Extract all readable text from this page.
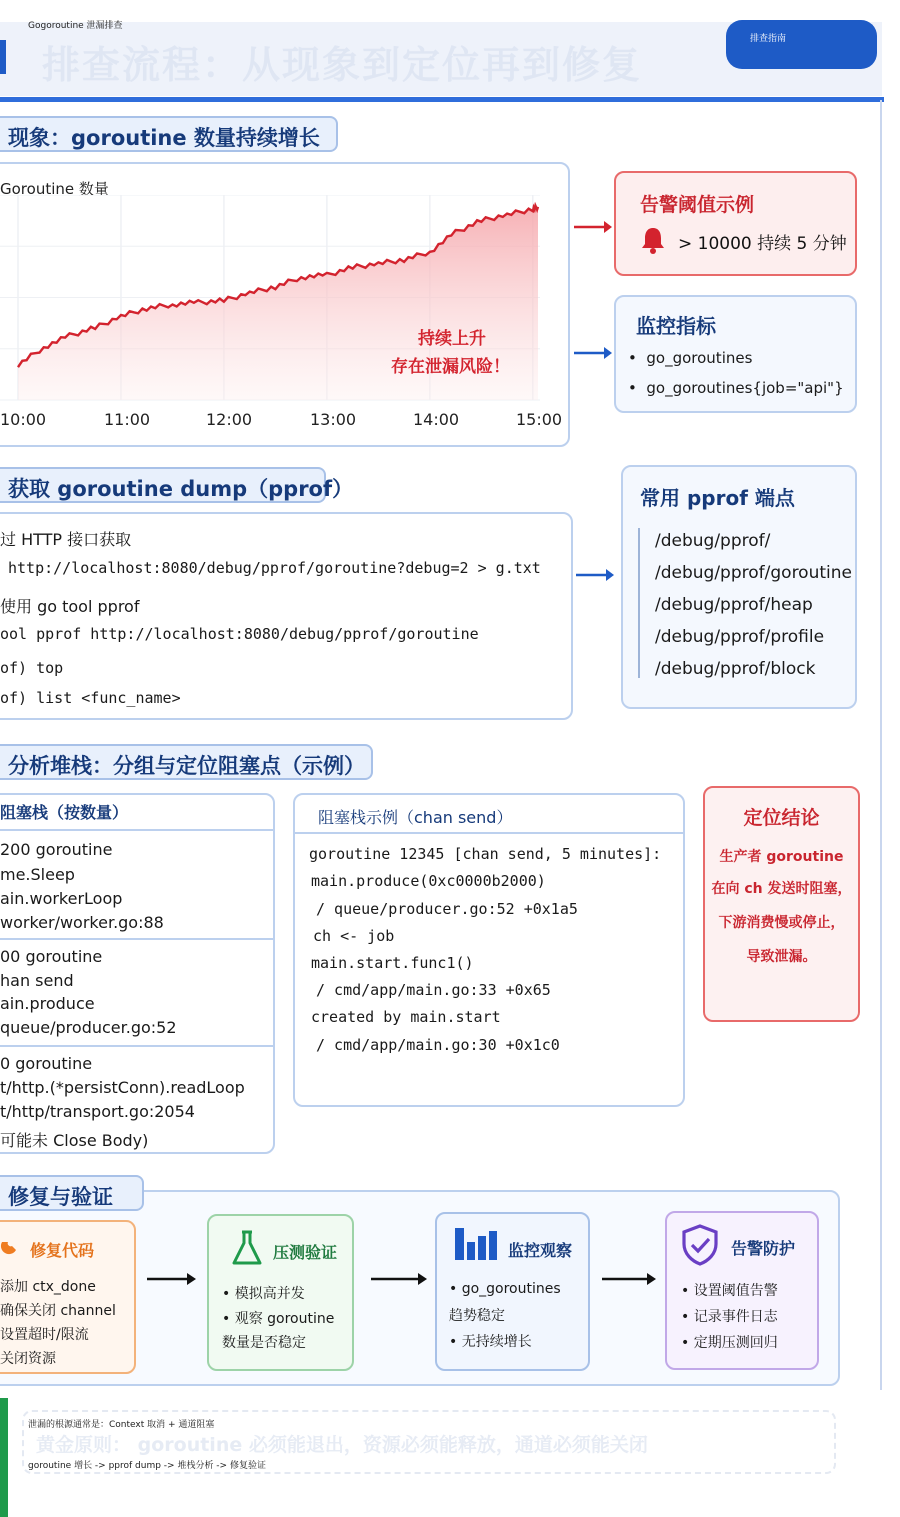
排查流程：从现象到定位再到修复
Gogoroutine 泄漏排查
排查指南
现象：goroutine 数量持续增长
Goroutine 数量
10:00	11:00	12:00	13:00	14:00	15:00
持续上升
存在泄漏风险！
告警阈值示例
> 10000 持续 5 分钟
监控指标
•  go_goroutines
•  go_goroutines{job="api"}
获取 goroutine dump（pprof）
过 HTTP 接口获取
http://localhost:8080/debug/pprof/goroutine?debug=2 > g.txt
使用 go tool pprof
ool pprof http://localhost:8080/debug/pprof/goroutine
of) top
of) list <func_name>
常用 pprof 端点
/debug/pprof/
/debug/pprof/goroutine
/debug/pprof/heap
/debug/pprof/profile
/debug/pprof/block
分析堆栈：分组与定位阻塞点（示例）
阻塞栈（按数量）
200 goroutine
me.Sleep
ain.workerLoop
worker/worker.go:88
00 goroutine
han send
ain.produce
queue/producer.go:52
0 goroutine
t/http.(*persistConn).readLoop
t/http/transport.go:2054
可能未 Close Body)
阻塞栈示例（chan send）
goroutine 12345 [chan send, 5 minutes]:
main.produce(0xc0000b2000)
/ queue/producer.go:52 +0x1a5
ch <- job
main.start.func1()
/ cmd/app/main.go:33 +0x65
created by main.start
/ cmd/app/main.go:30 +0x1c0
定位结论
生产者 goroutine
在向 ch 发送时阻塞，
下游消费慢或停止，
导致泄漏。
修复与验证
修复代码
添加 ctx_done
确保关闭 channel
设置超时/限流
关闭资源
压测验证
• 模拟高并发
• 观察 goroutine
数量是否稳定
监控观察
• go_goroutines
趋势稳定
• 无持续增长
告警防护
• 设置阈值告警
• 记录事件日志
• 定期压测回归
黄金原则： goroutine 必须能退出，资源必须能释放，通道必须能关闭
泄漏的根源通常是：Context 取消 + 通道阻塞
goroutine 增长 -> pprof dump -> 堆栈分析 -> 修复验证
